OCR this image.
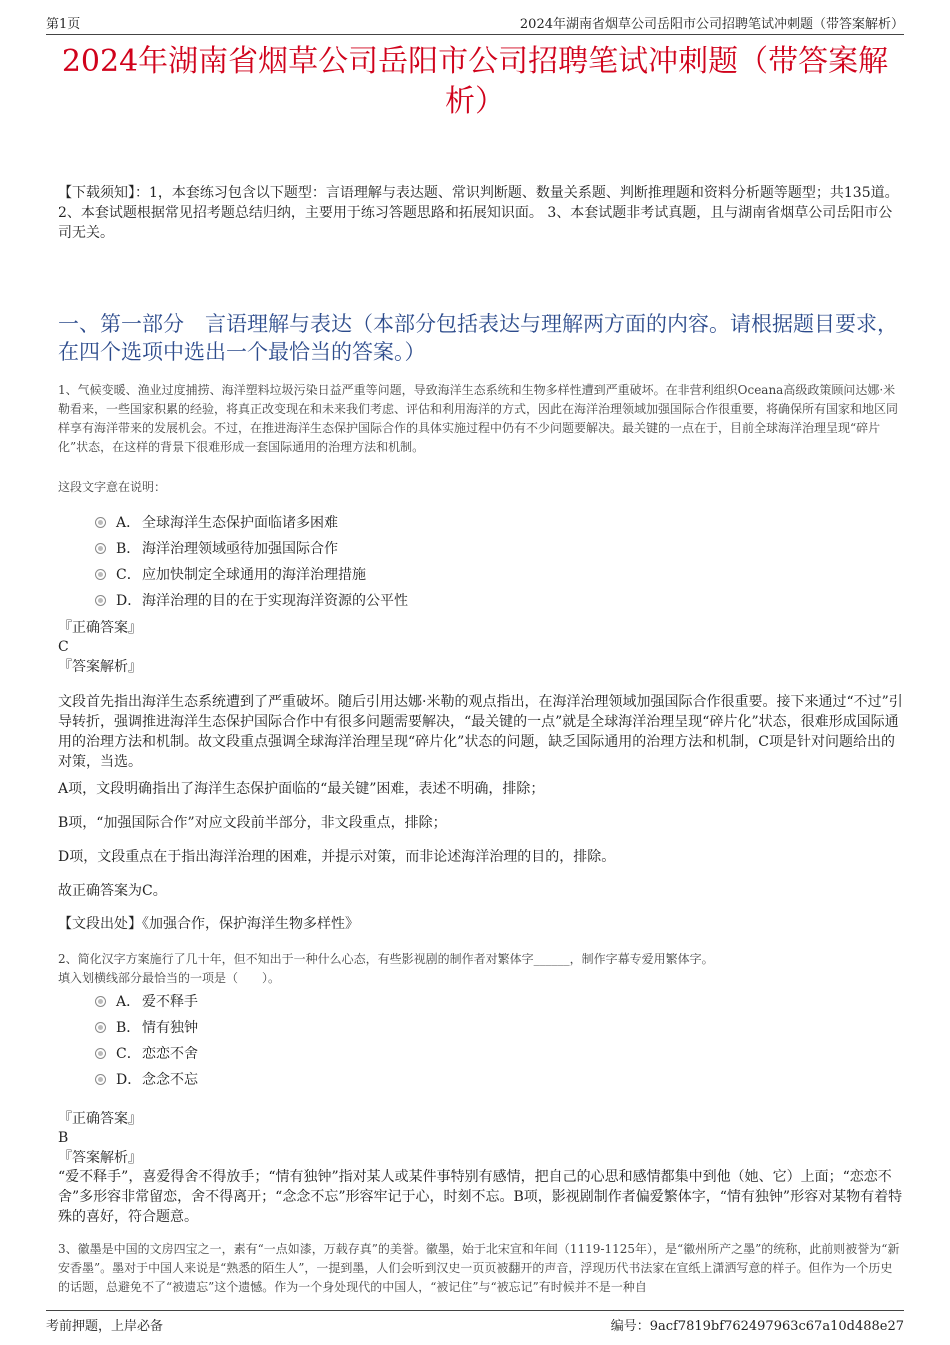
第1页	2024年湖南省烟草公司岳阳市公司招聘笔试冲刺题（带答案解析）
2024年湖南省烟草公司岳阳市公司招聘笔试冲刺题（带答案解析）
【下载须知】：1，本套练习包含以下题型：言语理解与表达题、常识判断题、数量关系题、判断推理题和资料分析题等题型；共135道。 2、本套试题根据常见招考题总结归纳，主要用于练习答题思路和拓展知识面。 3、本套试题非考试真题，且与湖南省烟草公司岳阳市公司无关。
一、第一部分　言语理解与表达（本部分包括表达与理解两方面的内容。请根据题目要求，在四个选项中选出一个最恰当的答案。）
1、气候变暖、渔业过度捕捞、海洋塑料垃圾污染日益严重等问题，导致海洋生态系统和生物多样性遭到严重破坏。在非营利组织Oceana高级政策顾问达娜·米勒看来，一些国家积累的经验，将真正改变现在和未来我们考虑、评估和利用海洋的方式，因此在海洋治理领域加强国际合作很重要，将确保所有国家和地区同样享有海洋带来的发展机会。不过，在推进海洋生态保护国际合作的具体实施过程中仍有不少问题要解决。最关键的一点在于，目前全球海洋治理呈现“碎片化”状态，在这样的背景下很难形成一套国际通用的治理方法和机制。
这段文字意在说明：
A． 全球海洋生态保护面临诸多困难
B． 海洋治理领域亟待加强国际合作
C． 应加快制定全球通用的海洋治理措施
D． 海洋治理的目的在于实现海洋资源的公平性
『正确答案』
C
『答案解析』
文段首先指出海洋生态系统遭到了严重破坏。随后引用达娜·米勒的观点指出，在海洋治理领域加强国际合作很重要。接下来通过“不过”引导转折，强调推进海洋生态保护国际合作中有很多问题需要解决，“最关键的一点”就是全球海洋治理呈现“碎片化”状态，很难形成国际通用的治理方法和机制。故文段重点强调全球海洋治理呈现“碎片化”状态的问题，缺乏国际通用的治理方法和机制，C项是针对问题给出的对策，当选。
A项，文段明确指出了海洋生态保护面临的“最关键”困难，表述不明确，排除；
B项，“加强国际合作”对应文段前半部分，非文段重点，排除；
D项，文段重点在于指出海洋治理的困难，并提示对策，而非论述海洋治理的目的，排除。
故正确答案为C。
【文段出处】《加强合作，保护海洋生物多样性》
2、简化汉字方案施行了几十年，但不知出于一种什么心态，有些影视剧的制作者对繁体字______，制作字幕专爱用繁体字。
填入划横线部分最恰当的一项是（　　）。
A． 爱不释手
B． 情有独钟
C． 恋恋不舍
D． 念念不忘
『正确答案』
B
『答案解析』
“爱不释手”，喜爱得舍不得放手；“情有独钟”指对某人或某件事特别有感情，把自己的心思和感情都集中到他（她、它）上面；“恋恋不舍”多形容非常留恋，舍不得离开；“念念不忘”形容牢记于心，时刻不忘。B项，影视剧制作者偏爱繁体字，“情有独钟”形容对某物有着特殊的喜好，符合题意。
3、徽墨是中国的文房四宝之一，素有“一点如漆，万载存真”的美誉。徽墨，始于北宋宣和年间（1119-1125年），是“徽州所产之墨”的统称，此前则被誉为“新安香墨”。墨对于中国人来说是“熟悉的陌生人”，一提到墨，人们会听到汉史一页页被翻开的声音，浮现历代书法家在宣纸上潇洒写意的样子。但作为一个历史的话题，总避免不了“被遗忘”这个遗憾。作为一个身处现代的中国人，“被记住”与“被忘记”有时候并不是一种自
考前押题，上岸必备	编号：9acf7819bf762497963c67a10d488e27
